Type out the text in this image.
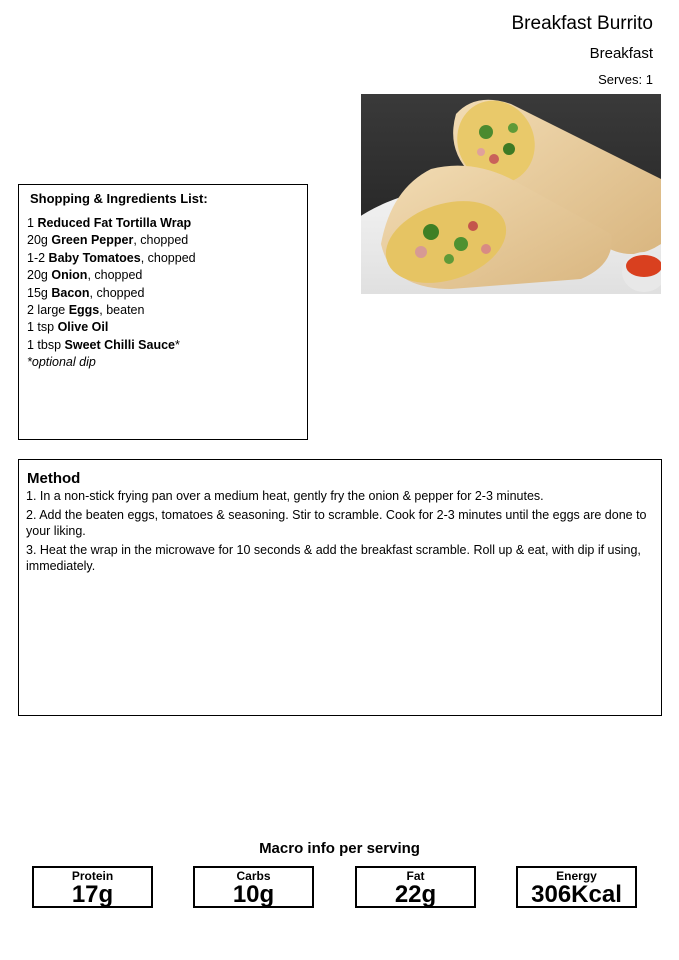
Breakfast Burrito
Breakfast
Serves: 1
Shopping & Ingredients List:
1 Reduced Fat Tortilla Wrap
20g Green Pepper, chopped
1-2 Baby Tomatoes, chopped
20g Onion, chopped
15g Bacon, chopped
2 large Eggs, beaten
1 tsp Olive Oil
1 tbsp Sweet Chilli Sauce*
*optional dip
Method

1. In a non-stick frying pan over a medium heat, gently fry the onion & pepper for 2-3 minutes.

2. Add the beaten eggs, tomatoes & seasoning. Stir to scramble. Cook for 2-3 minutes until the eggs are done to your liking.

3. Heat the wrap in the microwave for 10 seconds & add the breakfast scramble. Roll up & eat, with dip if using, immediately.

Macro info per serving
Protein
17g
Carbs
10g
Fat
22g
Energy
306Kcal
